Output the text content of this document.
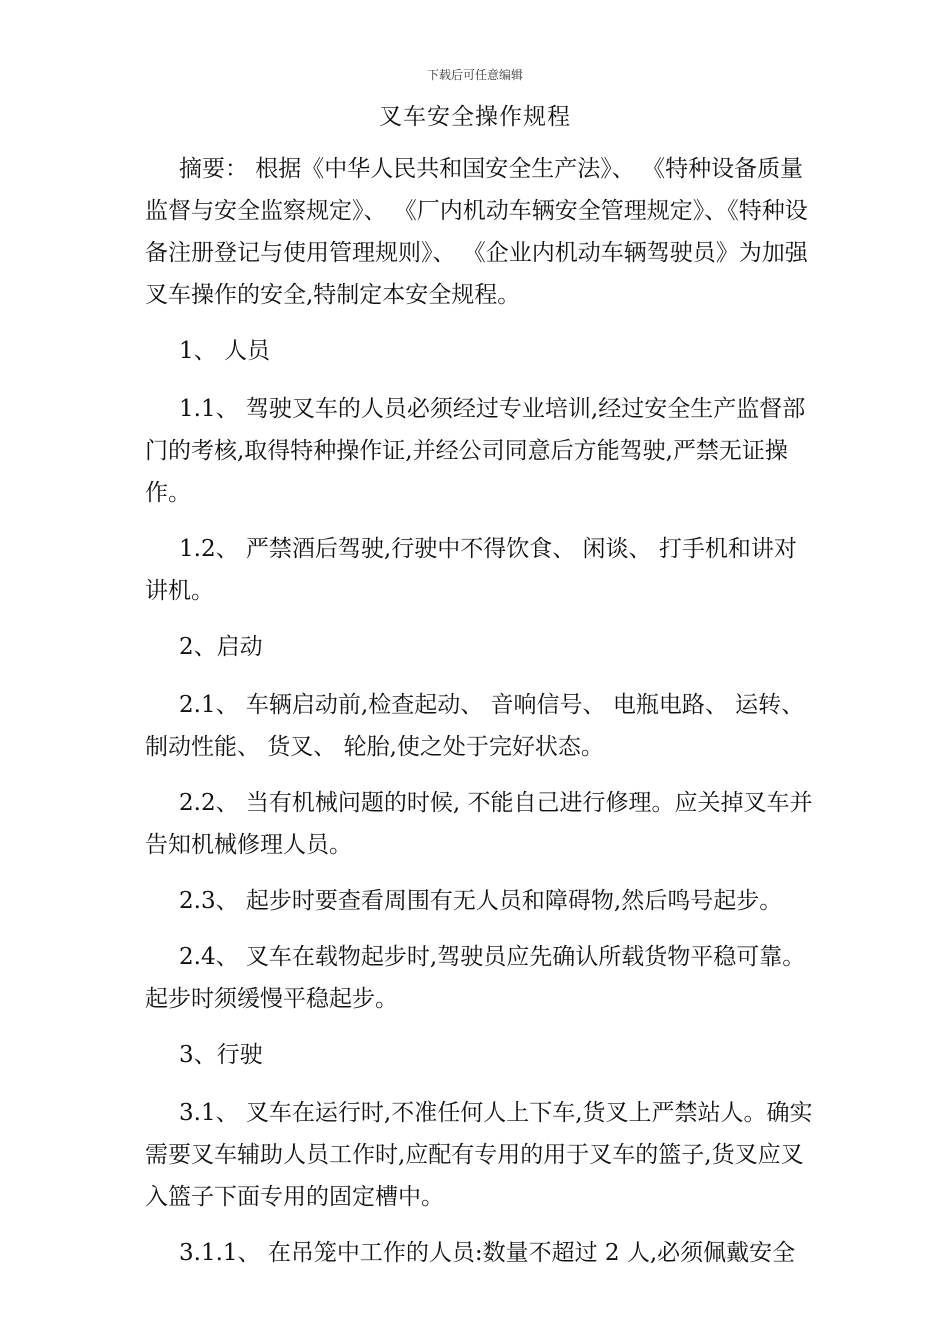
下载后可任意编辑
叉车安全操作规程

摘要： 根据《中华人民共和国安全生产法》、 《特种设备质量监督与安全监察规定》、 《厂内机动车辆安全管理规定》、《特种设备注册登记与使用管理规则》、 《企业内机动车辆驾驶员》为加强叉车操作的安全,特制定本安全规程。

1、 人员

1.1、 驾驶叉车的人员必须经过专业培训,经过安全生产监督部门的考核,取得特种操作证,并经公司同意后方能驾驶,严禁无证操作。

1.2、 严禁酒后驾驶,行驶中不得饮食、 闲谈、 打手机和讲对讲机。

2、启动

2.1、 车辆启动前,检查起动、 音响信号、 电瓶电路、 运转、 制动性能、 货叉、 轮胎,使之处于完好状态。

2.2、 当有机械问题的时候, 不能自己进行修理。应关掉叉车并告知机械修理人员。

2.3、 起步时要查看周围有无人员和障碍物,然后鸣号起步。

2.4、 叉车在载物起步时,驾驶员应先确认所载货物平稳可靠。起步时须缓慢平稳起步。

3、行驶

3.1、 叉车在运行时,不准任何人上下车,货叉上严禁站人。确实需要叉车辅助人员工作时,应配有专用的用于叉车的篮子,货叉应叉入篮子下面专用的固定槽中。

3.1.1、 在吊笼中工作的人员:数量不超过 2 人,必须佩戴安全
